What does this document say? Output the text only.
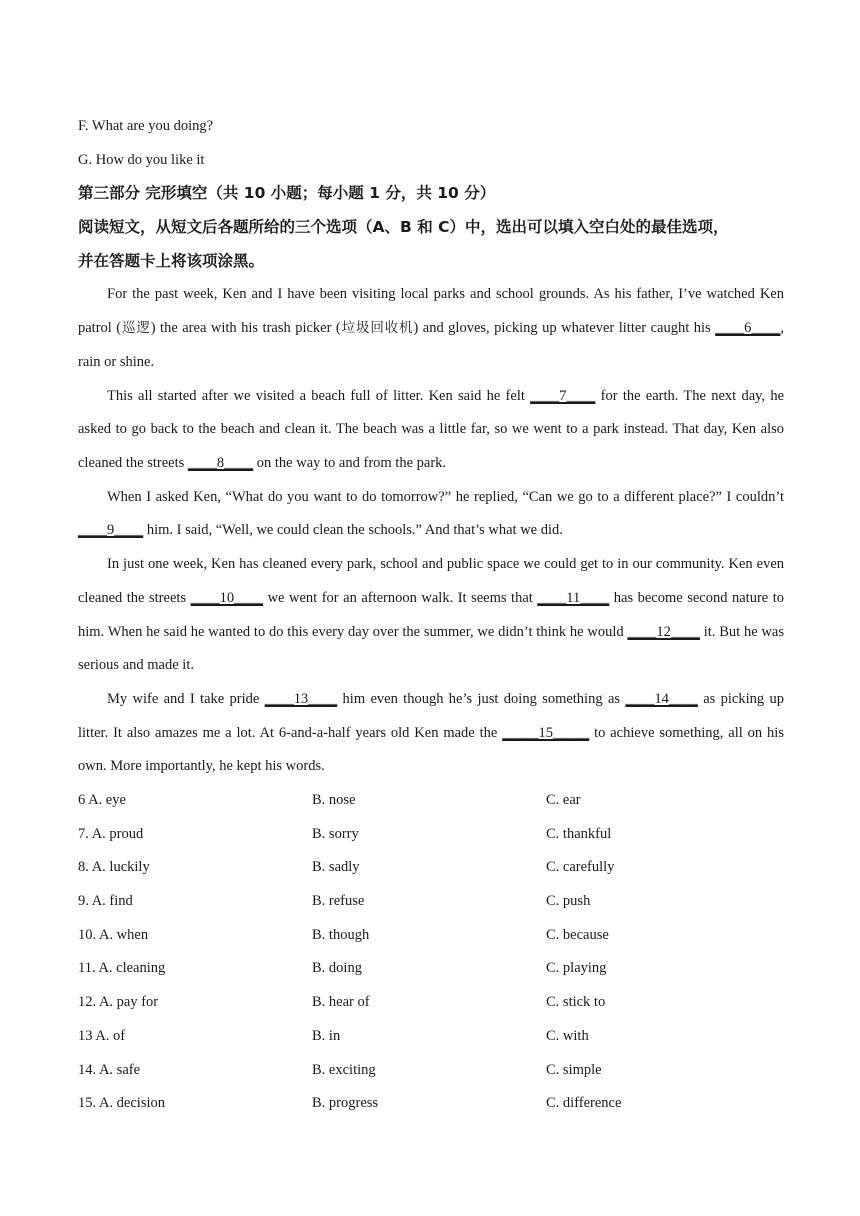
F. What are you doing?
G. How do you like it
第三部分 完形填空（共 10 小题；每小题 1 分，共 10 分）
阅读短文，从短文后各题所给的三个选项（A、B 和 C）中，选出可以填入空白处的最佳选项，
并在答题卡上将该项涂黑。
For the past week, Ken and I have been visiting local parks and school grounds. As his father, I’ve watched Ken patrol (巡逻) the area with his trash picker (垃圾回收机) and gloves, picking up whatever litter caught his ____6____, rain or shine.
This all started after we visited a beach full of litter. Ken said he felt ____7____ for the earth. The next day, he asked to go back to the beach and clean it. The beach was a little far, so we went to a park instead. That day, Ken also cleaned the streets ____8____ on the way to and from the park.
When I asked Ken, “What do you want to do tomorrow?” he replied, “Can we go to a different place?” I couldn’t ____9____ him. I said, “Well, we could clean the schools.” And that’s what we did.
In just one week, Ken has cleaned every park, school and public space we could get to in our community. Ken even cleaned the streets ____10____ we went for an afternoon walk. It seems that ____11____ has become second nature to him. When he said he wanted to do this every day over the summer, we didn’t think he would ____12____ it. But he was serious and made it.
My wife and I take pride ____13____ him even though he’s just doing something as ____14____ as picking up litter. It also amazes me a lot. At 6-and-a-half years old Ken made the _____15_____ to achieve something, all on his own. More importantly, he kept his words.
6 A. eye	B. nose	C. ear
7. A. proud	B. sorry	C. thankful
8. A. luckily	B. sadly	C. carefully
9. A. find	B. refuse	C. push
10. A. when	B. though	C. because
11. A. cleaning	B. doing	C. playing
12. A. pay for	B. hear of	C. stick to
13 A. of	B. in	C. with
14. A. safe	B. exciting	C. simple
15. A. decision	B. progress	C. difference
